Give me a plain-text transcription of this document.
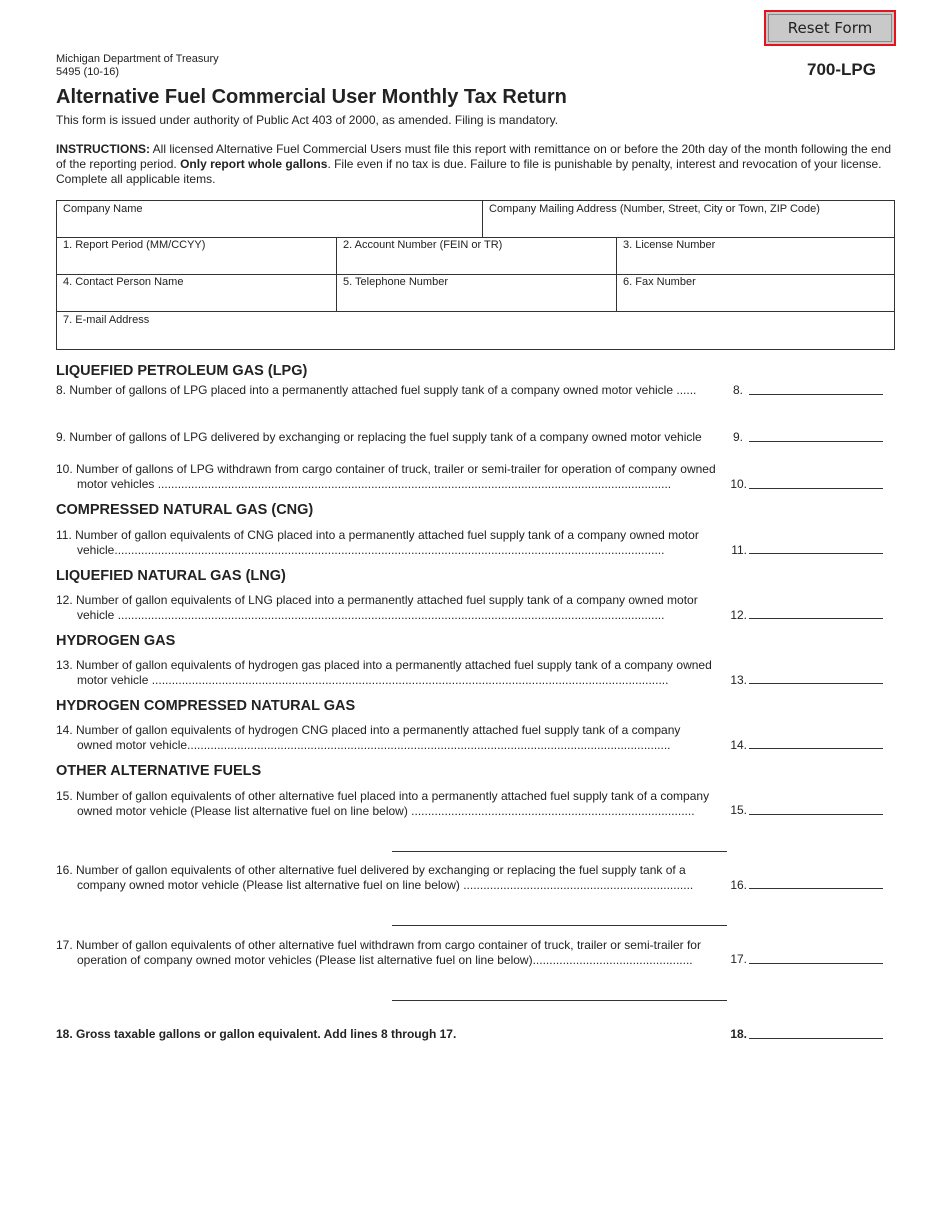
Reset Form
Michigan Department of Treasury
5495 (10-16)	700-LPG
Alternative Fuel Commercial User Monthly Tax Return
This form is issued under authority of Public Act 403 of 2000, as amended. Filing is mandatory.
INSTRUCTIONS: All licensed Alternative Fuel Commercial Users must file this report with remittance on or before the 20th day of the month following the end of the reporting period. Only report whole gallons. File even if no tax is due. Failure to file is punishable by penalty, interest and revocation of your license. Complete all applicable items.
Company Name	Company Mailing Address (Number, Street, City or Town, ZIP Code)
1. Report Period (MM/CCYY)	2. Account Number (FEIN or TR)	3. License Number
4. Contact Person Name	5. Telephone Number	6. Fax Number
7. E-mail Address
LIQUEFIED PETROLEUM GAS (LPG)
8. Number of gallons of LPG placed into a permanently attached fuel supply tank of a company owned motor vehicle ......	8.
9. Number of gallons of LPG delivered by exchanging or replacing the fuel supply tank of a company owned motor vehicle	9.
10. Number of gallons of LPG withdrawn from cargo container of truck, trailer or semi-trailer for operation of company owned
motor vehicles ..........................................................................................................................................................	10.
COMPRESSED NATURAL GAS (CNG)
11. Number of gallon equivalents of CNG placed into a permanently attached fuel supply tank of a company owned motor
vehicle.....................................................................................................................................................................	11.
LIQUEFIED NATURAL GAS (LNG)
12. Number of gallon equivalents of LNG placed into a permanently attached fuel supply tank of a company owned motor
vehicle ....................................................................................................................................................................	12.
HYDROGEN GAS
13. Number of gallon equivalents of hydrogen gas placed into a permanently attached fuel supply tank of a company owned
motor vehicle ...........................................................................................................................................................	13.
HYDROGEN COMPRESSED NATURAL GAS
14. Number of gallon equivalents of hydrogen CNG placed into a permanently attached fuel supply tank of a company
owned motor vehicle.................................................................................................................................................	14.
OTHER ALTERNATIVE FUELS
15. Number of gallon equivalents of other alternative fuel placed into a permanently attached fuel supply tank of a company
owned motor vehicle (Please list alternative fuel on line below) .....................................................................................	15.
16. Number of gallon equivalents of other alternative fuel delivered by exchanging or replacing the fuel supply tank of a
company owned motor vehicle (Please list alternative fuel on line below) .....................................................................	16.
17. Number of gallon equivalents of other alternative fuel withdrawn from cargo container of truck, trailer or semi-trailer for
operation of company owned motor vehicles (Please list alternative fuel on line below)................................................	17.
18. Gross taxable gallons or gallon equivalent. Add lines 8 through 17.	18.
